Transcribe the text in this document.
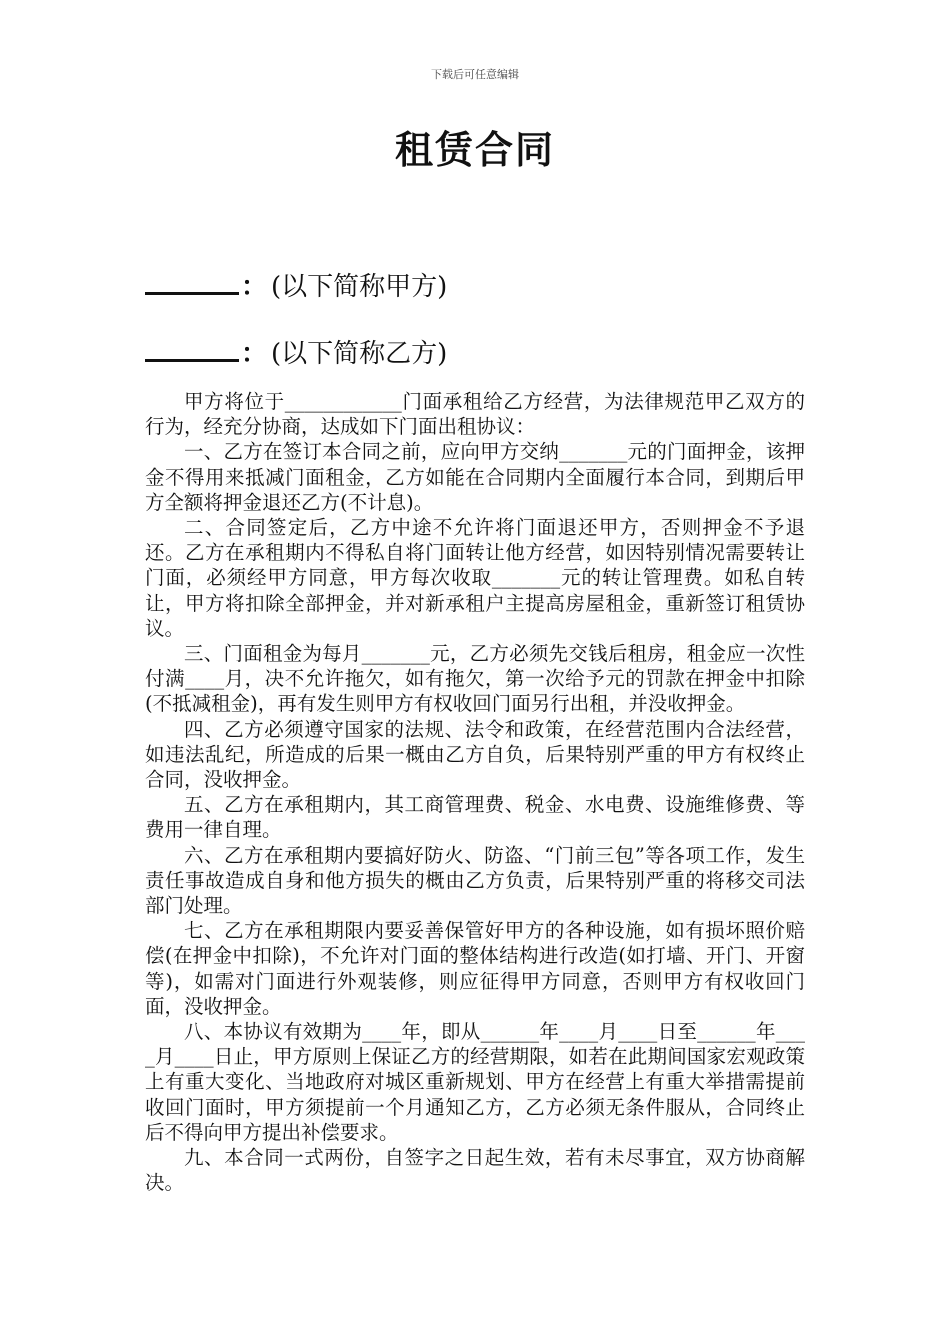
下载后可任意编辑
租赁合同
： (以下简称甲方)
： (以下简称乙方)

甲方将位于____________门面承租给乙方经营，为法律规范甲乙双方的行为，经充分协商，达成如下门面出租协议：

一、乙方在签订本合同之前，应向甲方交纳_______元的门面押金，该押金不得用来抵减门面租金，乙方如能在合同期内全面履行本合同，到期后甲方全额将押金退还乙方(不计息)。

二、合同签定后，乙方中途不允许将门面退还甲方，否则押金不予退还。乙方在承租期内不得私自将门面转让他方经营，如因特别情况需要转让门面，必须经甲方同意，甲方每次收取_______元的转让管理费。如私自转让，甲方将扣除全部押金，并对新承租户主提高房屋租金，重新签订租赁协议。

三、门面租金为每月_______元，乙方必须先交钱后租房，租金应一次性付满____月，决不允许拖欠，如有拖欠，第一次给予元的罚款在押金中扣除(不抵减租金)，再有发生则甲方有权收回门面另行出租，并没收押金。

四、乙方必须遵守国家的法规、法令和政策，在经营范围内合法经营，如违法乱纪，所造成的后果一概由乙方自负，后果特别严重的甲方有权终止合同，没收押金。

五、乙方在承租期内，其工商管理费、税金、水电费、设施维修费、等费用一律自理。

六、乙方在承租期内要搞好防火、防盗、“门前三包”等各项工作，发生责任事故造成自身和他方损失的概由乙方负责，后果特别严重的将移交司法部门处理。

七、乙方在承租期限内要妥善保管好甲方的各种设施，如有损坏照价赔偿(在押金中扣除)，不允许对门面的整体结构进行改造(如打墙、开门、开窗等)，如需对门面进行外观装修，则应征得甲方同意，否则甲方有权收回门面，没收押金。

八、本协议有效期为____年，即从______年____月____日至______年____月____日止，甲方原则上保证乙方的经营期限，如若在此期间国家宏观政策上有重大变化、当地政府对城区重新规划、甲方在经营上有重大举措需提前收回门面时，甲方须提前一个月通知乙方，乙方必须无条件服从，合同终止后不得向甲方提出补偿要求。

九、本合同一式两份，自签字之日起生效，若有未尽事宜，双方协商解决。
